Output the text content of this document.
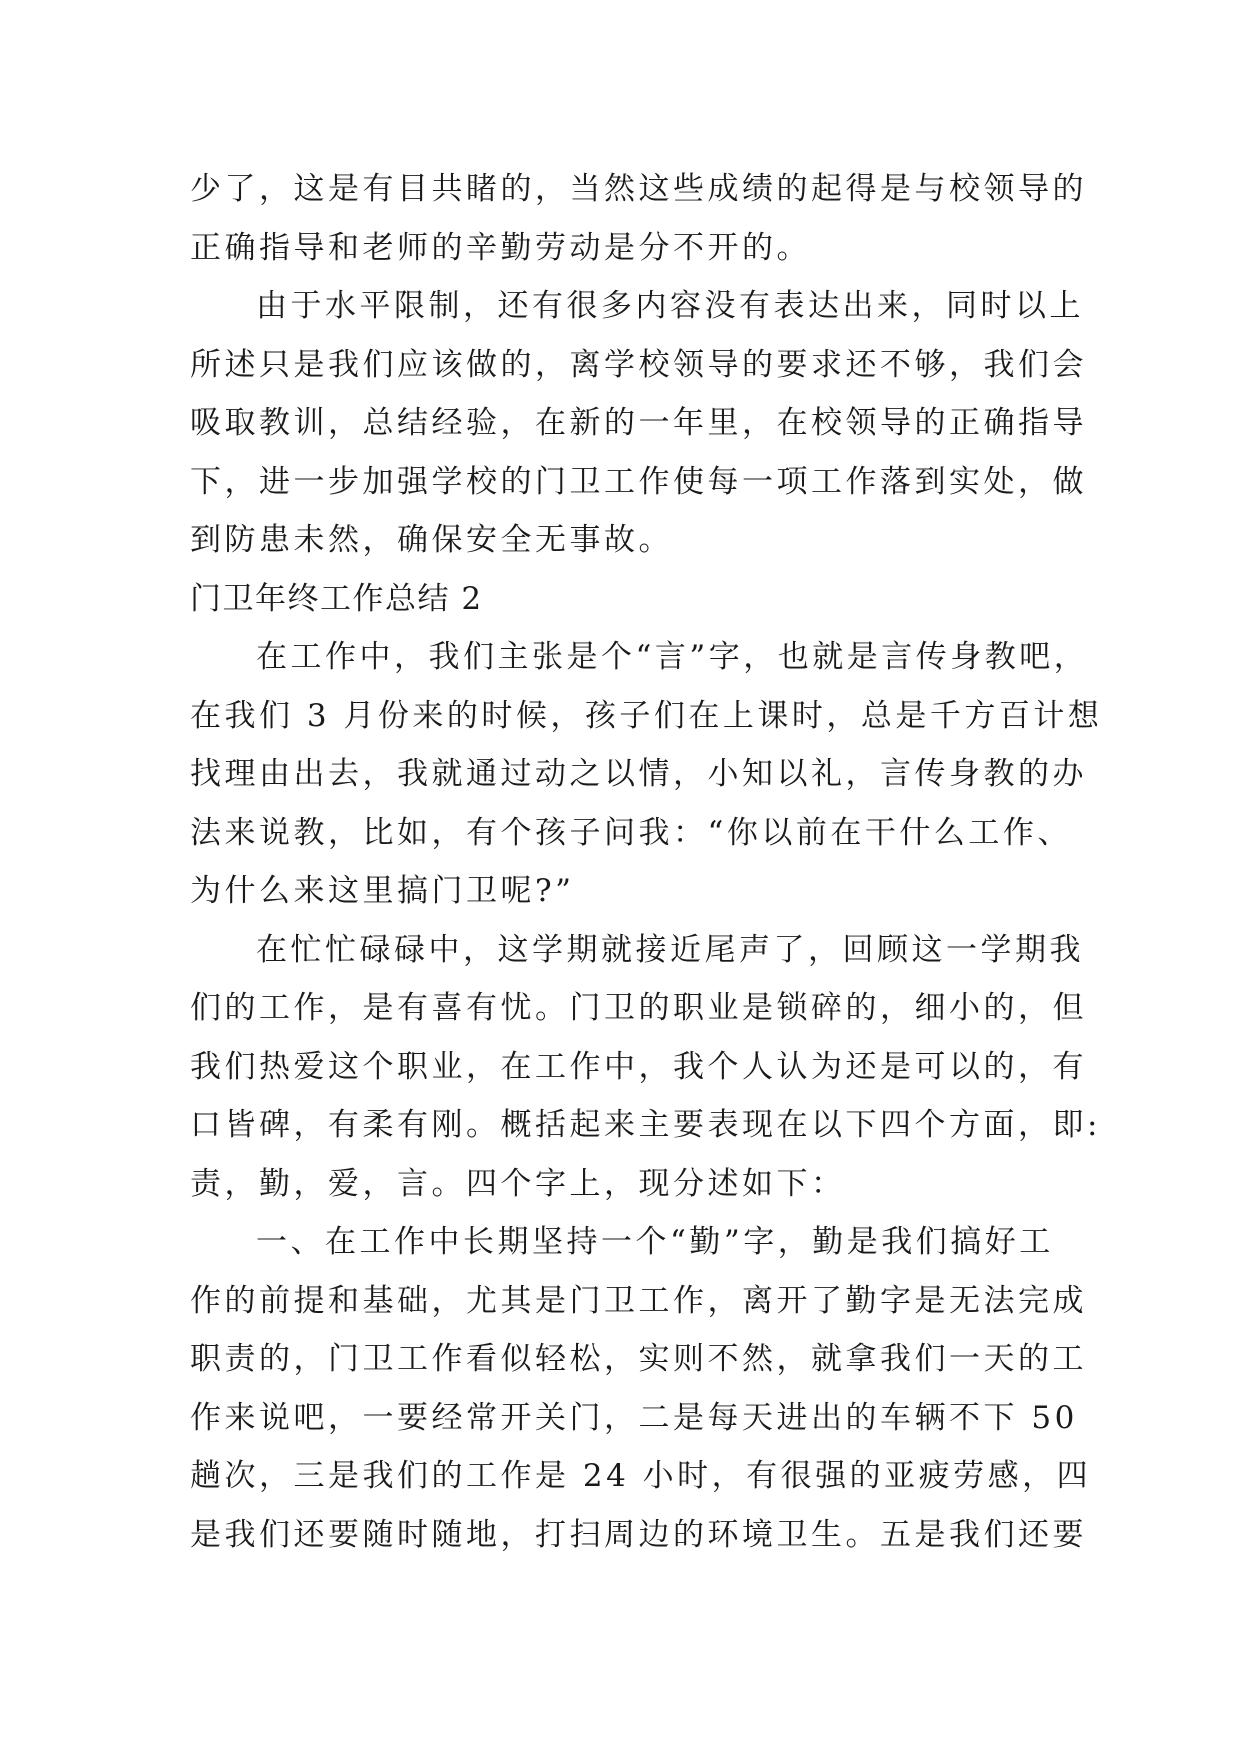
少了，这是有目共睹的，当然这些成绩的起得是与校领导的
正确指导和老师的辛勤劳动是分不开的。
由于水平限制，还有很多内容没有表达出来，同时以上
所述只是我们应该做的，离学校领导的要求还不够，我们会
吸取教训，总结经验，在新的一年里，在校领导的正确指导
下，进一步加强学校的门卫工作使每一项工作落到实处，做
到防患未然，确保安全无事故。
门卫年终工作总结 2
在工作中，我们主张是个“言”字，也就是言传身教吧，
在我们 3 月份来的时候，孩子们在上课时，总是千方百计想
找理由出去，我就通过动之以情，小知以礼，言传身教的办
法来说教，比如，有个孩子问我：“你以前在干什么工作、
为什么来这里搞门卫呢?”
在忙忙碌碌中，这学期就接近尾声了，回顾这一学期我
们的工作，是有喜有忧。门卫的职业是锁碎的，细小的，但
我们热爱这个职业，在工作中，我个人认为还是可以的，有
口皆碑，有柔有刚。概括起来主要表现在以下四个方面，即:
责，勤，爱，言。四个字上，现分述如下：
一、在工作中长期坚持一个“勤”字，勤是我们搞好工
作的前提和基础，尤其是门卫工作，离开了勤字是无法完成
职责的，门卫工作看似轻松，实则不然，就拿我们一天的工
作来说吧，一要经常开关门，二是每天进出的车辆不下 50
趟次，三是我们的工作是 24 小时，有很强的亚疲劳感，四
是我们还要随时随地，打扫周边的环境卫生。五是我们还要
